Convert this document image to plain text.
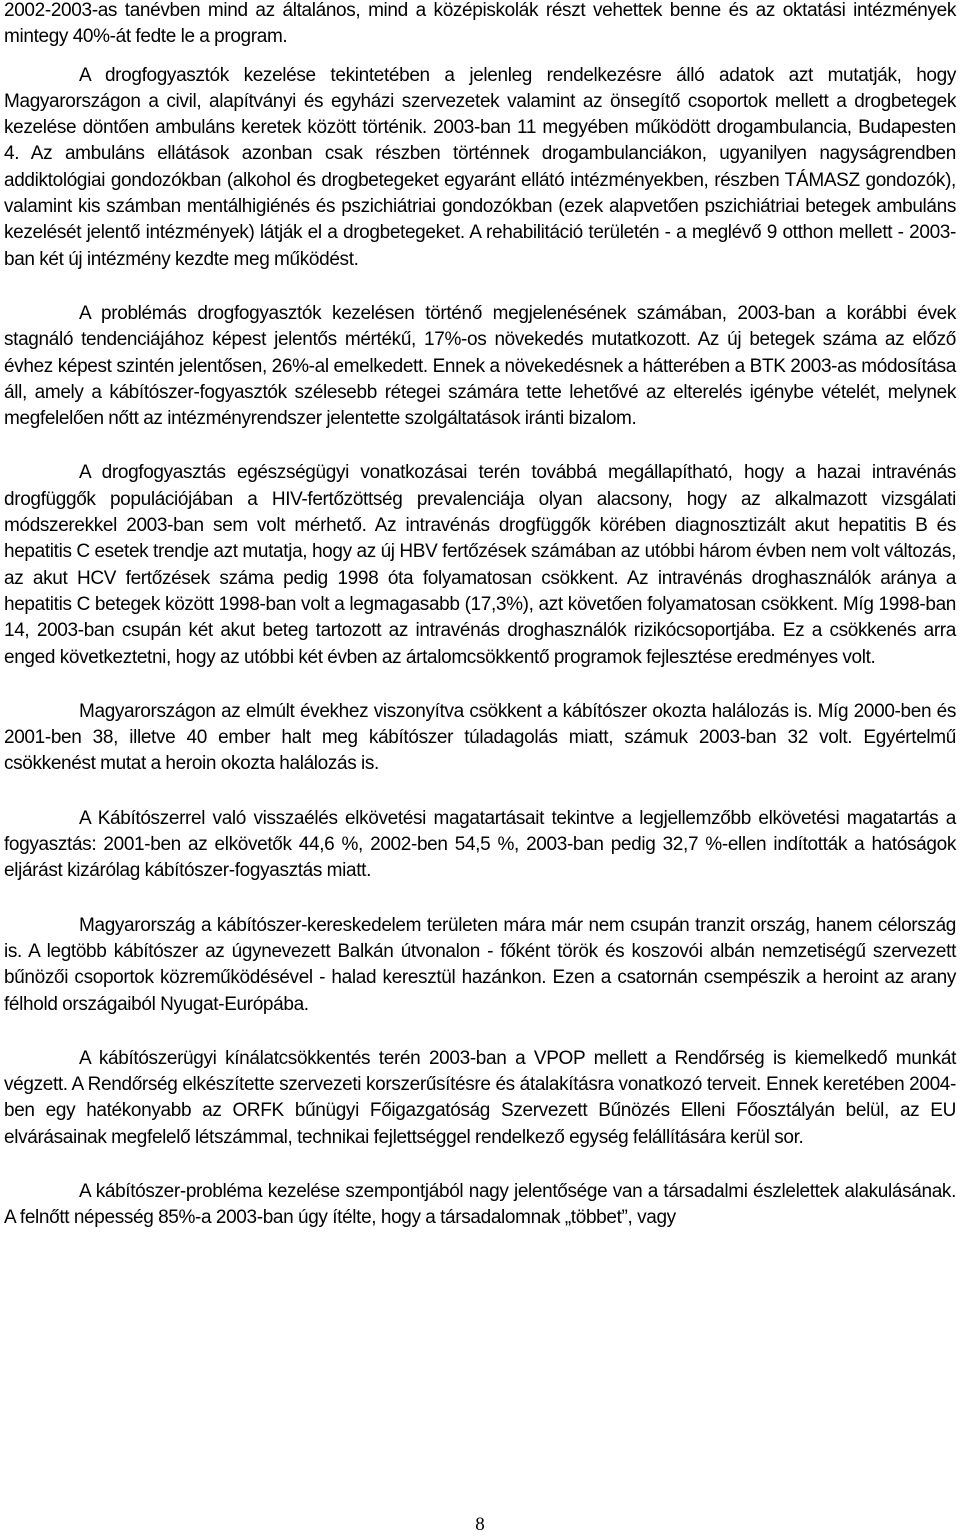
2002-2003-as tanévben mind az általános, mind a középiskolák részt vehettek benne és az oktatási intézmények mintegy 40%-át fedte le a program.

A drogfogyasztók kezelése tekintetében a jelenleg rendelkezésre álló adatok azt mutatják, hogy Magyarországon a civil, alapítványi és egyházi szervezetek valamint az önsegítő csoportok mellett a drogbetegek kezelése döntően ambuláns keretek között történik. 2003-ban 11 megyében működött drogambulancia, Budapesten 4. Az ambuláns ellátások azonban csak részben történnek drogambulanciákon, ugyanilyen nagyságrendben addiktológiai gondozókban (alkohol és drogbetegeket egyaránt ellátó intézményekben, részben TÁMASZ gondozók), valamint kis számban mentálhigiénés és pszichiátriai gondozókban (ezek alapvetően pszichiátriai betegek ambuláns kezelését jelentő intézmények) látják el a drogbetegeket. A rehabilitáció területén - a meglévő 9 otthon mellett - 2003-ban két új intézmény kezdte meg működést.

A problémás drogfogyasztók kezelésen történő megjelenésének számában, 2003-ban a korábbi évek stagnáló tendenciájához képest jelentős mértékű, 17%-os növekedés mutatkozott. Az új betegek száma az előző évhez képest szintén jelentősen, 26%-al emelkedett. Ennek a növekedésnek a hátterében a BTK 2003-as módosítása áll, amely a kábítószer-fogyasztók szélesebb rétegei számára tette lehetővé az elterelés igénybe vételét, melynek megfelelően nőtt az intézményrendszer jelentette szolgáltatások iránti bizalom.

A drogfogyasztás egészségügyi vonatkozásai terén továbbá megállapítható, hogy a hazai intravénás drogfüggők populációjában a HIV-fertőzöttség prevalenciája olyan alacsony, hogy az alkalmazott vizsgálati módszerekkel 2003-ban sem volt mérhető. Az intravénás drogfüggők körében diagnosztizált akut hepatitis B és hepatitis C esetek trendje azt mutatja, hogy az új HBV fertőzések számában az utóbbi három évben nem volt változás, az akut HCV fertőzések száma pedig 1998 óta folyamatosan csökkent. Az intravénás droghasználók aránya a hepatitis C betegek között 1998-ban volt a legmagasabb (17,3%), azt követően folyamatosan csökkent. Míg 1998-ban 14, 2003-ban csupán két akut beteg tartozott az intravénás droghasználók rizikócsoportjába. Ez a csökkenés arra enged következtetni, hogy az utóbbi két évben az ártalomcsökkentő programok fejlesztése eredményes volt.

Magyarországon az elmúlt évekhez viszonyítva csökkent a kábítószer okozta halálozás is. Míg 2000-ben és 2001-ben 38, illetve 40 ember halt meg kábítószer túladagolás miatt, számuk 2003-ban 32 volt. Egyértelmű csökkenést mutat a heroin okozta halálozás is.

A Kábítószerrel való visszaélés elkövetési magatartásait tekintve a legjellemzőbb elkövetési magatartás a fogyasztás: 2001-ben az elkövetők 44,6 %, 2002-ben 54,5 %, 2003-ban pedig 32,7 %-ellen indították a hatóságok eljárást kizárólag kábítószer-fogyasztás miatt.

Magyarország a kábítószer-kereskedelem területen mára már nem csupán tranzit ország, hanem célország is. A legtöbb kábítószer az úgynevezett Balkán útvonalon - főként török és koszovói albán nemzetiségű szervezett bűnözői csoportok közreműködésével - halad keresztül hazánkon. Ezen a csatornán csempészik a heroint az arany félhold országaiból Nyugat-Európába.

A kábítószerügyi kínálatcsökkentés terén 2003-ban a VPOP mellett a Rendőrség is kiemelkedő munkát végzett. A Rendőrség elkészítette szervezeti korszerűsítésre és átalakításra vonatkozó terveit. Ennek keretében 2004-ben egy hatékonyabb az ORFK bűnügyi Főigazgatóság Szervezett Bűnözés Elleni Főosztályán belül, az EU elvárásainak megfelelő létszámmal, technikai fejlettséggel rendelkező egység felállítására kerül sor.

A kábítószer-probléma kezelése szempontjából nagy jelentősége van a társadalmi észlelettek alakulásának. A felnőtt népesség 85%-a 2003-ban úgy ítélte, hogy a társadalomnak „többet”, vagy

8
